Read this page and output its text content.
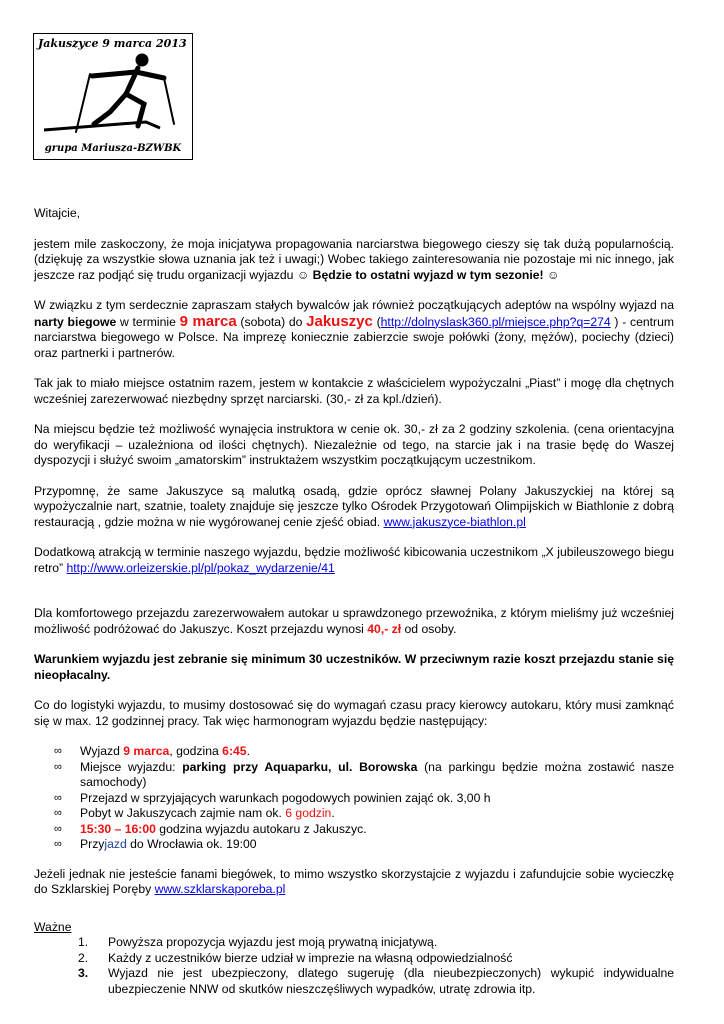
Jakuszyce 9 marca 2013
grupa Mariusza-BZWBK

Witajcie,

jestem mile zaskoczony, że moja inicjatywa propagowania narciarstwa biegowego cieszy się tak dużą popularnością. (dziękuję za wszystkie słowa uznania jak też i uwagi;) Wobec takiego zainteresowania nie pozostaje mi nic innego, jak jeszcze raz podjąć się trudu organizacji wyjazdu ☺ Będzie to ostatni wyjazd w tym sezonie! ☺

W związku z tym serdecznie zapraszam stałych bywalców jak również początkujących adeptów na wspólny wyjazd na narty biegowe w terminie 9 marca (sobota) do Jakuszyc (http://dolnyslask360.pl/miejsce.php?q=274 ) - centrum narciarstwa biegowego w Polsce. Na imprezę koniecznie zabierzcie swoje połówki (żony, mężów), pociechy (dzieci) oraz partnerki i partnerów.

Tak jak to miało miejsce ostatnim razem, jestem w kontakcie z właścicielem wypożyczalni „Piast” i mogę dla chętnych wcześniej zarezerwować niezbędny sprzęt narciarski. (30,- zł za kpl./dzień).

Na miejscu będzie też możliwość wynajęcia instruktora w cenie ok. 30,- zł za 2 godziny szkolenia. (cena orientacyjna do weryfikacji – uzależniona od ilości chętnych). Niezależnie od tego, na starcie jak i na trasie będę do Waszej dyspozycji i służyć swoim „amatorskim” instruktażem wszystkim początkującym uczestnikom.

Przypomnę, że same Jakuszyce są malutką osadą, gdzie oprócz sławnej Polany Jakuszyckiej na której są wypożyczalnie nart, szatnie, toalety znajduje się jeszcze tylko Ośrodek Przygotowań Olimpijskich w Biathlonie z dobrą restauracją , gdzie można w nie wygórowanej cenie zjeść obiad. www.jakuszyce-biathlon.pl

Dodatkową atrakcją w terminie naszego wyjazdu, będzie możliwość kibicowania uczestnikom „X jubileuszowego biegu retro” http://www.orleizerskie.pl/pl/pokaz_wydarzenie/41

Dla komfortowego przejazdu zarezerwowałem autokar u sprawdzonego przewoźnika, z którym mieliśmy już wcześniej możliwość podróżować do Jakuszyc. Koszt przejazdu wynosi 40,- zł od osoby.

Warunkiem wyjazdu jest zebranie się minimum 30 uczestników. W przeciwnym razie koszt przejazdu stanie się nieopłacalny.

Co do logistyki wyjazdu, to musimy dostosować się do wymagań czasu pracy kierowcy autokaru, który musi zamknąć się w max. 12 godzinnej pracy. Tak więc harmonogram wyjazdu będzie następujący:

∞ Wyjazd 9 marca, godzina 6:45.
∞ Miejsce wyjazdu: parking przy Aquaparku, ul. Borowska (na parkingu będzie można zostawić nasze samochody)
∞ Przejazd w sprzyjających warunkach pogodowych powinien zająć ok. 3,00 h
∞ Pobyt w Jakuszycach zajmie nam ok. 6 godzin.
∞ 15:30 – 16:00 godzina wyjazdu autokaru z Jakuszyc.
∞ Przyjazd do Wrocławia ok. 19:00

Jeżeli jednak nie jesteście fanami biegówek, to mimo wszystko skorzystajcie z wyjazdu i zafundujcie sobie wycieczkę do Szklarskiej Poręby www.szklarskaporeba.pl

Ważne

1. Powyższa propozycja wyjazdu jest moją prywatną inicjatywą.
2. Każdy z uczestników bierze udział w imprezie na własną odpowiedzialność
3. Wyjazd nie jest ubezpieczony, dlatego sugeruję (dla nieubezpieczonych) wykupić indywidualne ubezpieczenie NNW od skutków nieszczęśliwych wypadków, utratę zdrowia itp.
